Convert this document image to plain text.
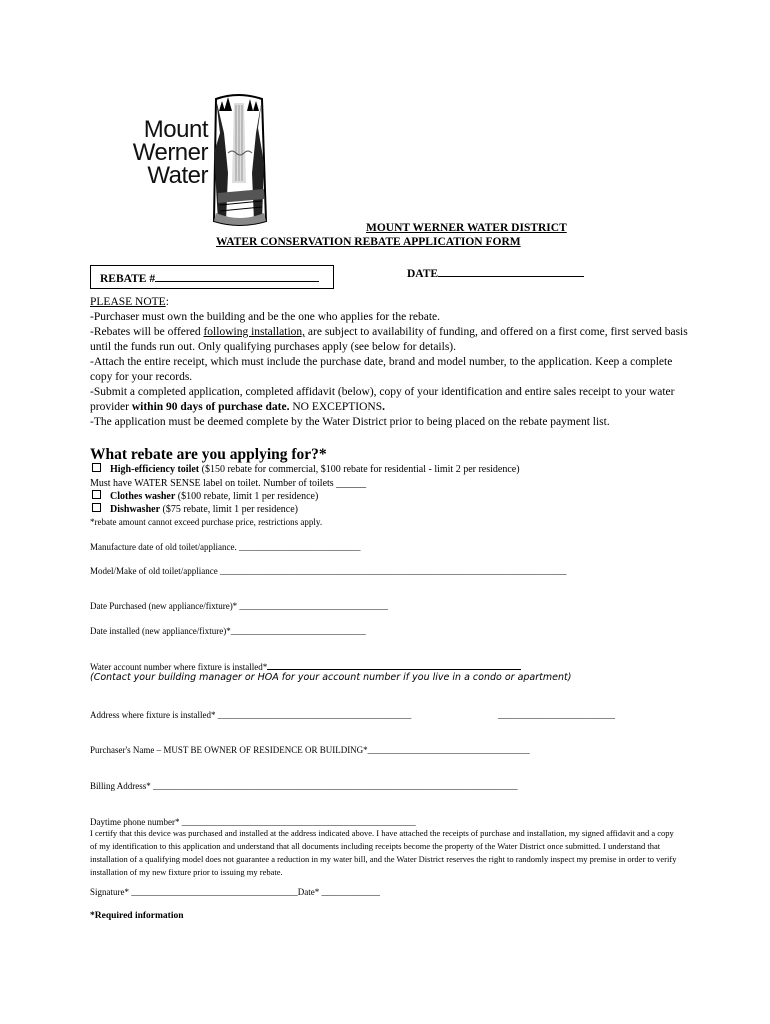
Mount
Werner
Water
MOUNT WERNER WATER DISTRICT
WATER CONSERVATION REBATE APPLICATION FORM
REBATE #	DATE

PLEASE NOTE:

-Purchaser must own the building and be the one who applies for the rebate.

-Rebates will be offered following installation, are subject to availability of funding, and offered on a first come, first served basis until the funds run out. Only qualifying purchases apply (see below for details).

-Attach the entire receipt, which must include the purchase date, brand and model number, to the application. Keep a complete copy for your records.

-Submit a completed application, completed affidavit (below), copy of your identification and entire sales receipt to your water provider within 90 days of purchase date. NO EXCEPTIONS.

-The application must be deemed complete by the Water District prior to being placed on the rebate payment list.

What rebate are you applying for?*
High-efficiency toilet ($150 rebate for commercial, $100 rebate for residential - limit 2 per residence)
Must have WATER SENSE label on toilet. Number of toilets ______
Clothes washer ($100 rebate, limit 1 per residence)
Dishwasher ($75 rebate, limit 1 per residence)
*rebate amount cannot exceed purchase price, restrictions apply.
Manufacture date of old toilet/appliance. ___________________________
Model/Make of old toilet/appliance _____________________________________________________________________________
Date Purchased (new appliance/fixture)* _________________________________
Date installed (new appliance/fixture)*______________________________
Water account number where fixture is installed*
(Contact your building manager or HOA for your account number if you live in a condo or apartment)
Address where fixture is installed* ___________________________________________	__________________________
Purchaser's Name – MUST BE OWNER OF RESIDENCE OR BUILDING*____________________________________
Billing Address* _________________________________________________________________________________
Daytime phone number* ____________________________________________________
I certify that this device was purchased and installed at the address indicated above. I have attached the receipts of purchase and installation, my signed affidavit and a copy of my identification to this application and understand that all documents including receipts become the property of the Water District once submitted. I understand that installation of a qualifying model does not guarantee a reduction in my water bill, and the Water District reserves the right to randomly inspect my premise in order to verify installation of my new fixture prior to issuing my rebate.
Signature* _____________________________________Date* _____________
*Required information
